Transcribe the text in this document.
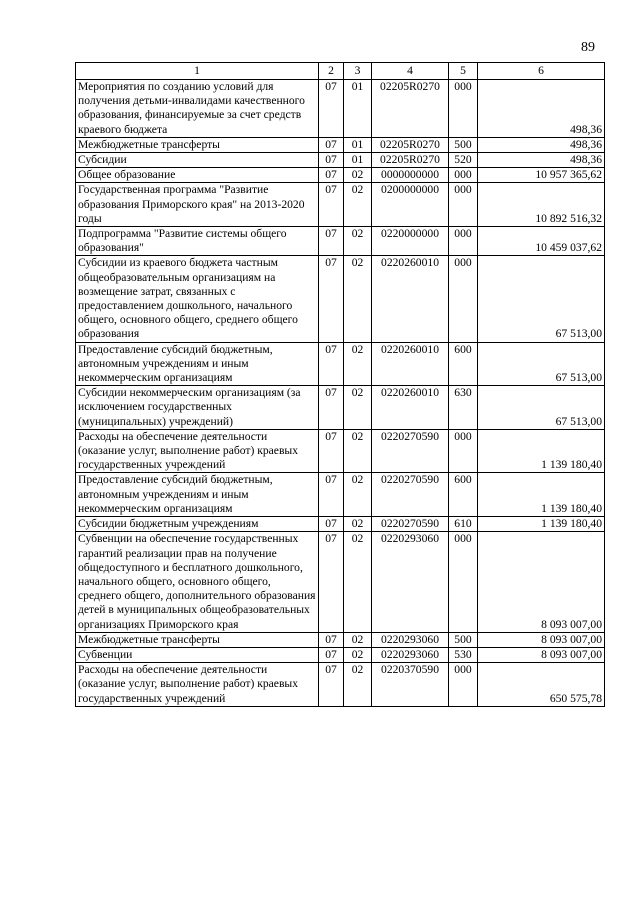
89
1	2	3	4	5	6
Мероприятия по созданию условий для получения детьми-инвалидами качественного образования, финансируемые за счет средств краевого бюджета	07	01	02205R0270	000	498,36
Межбюджетные трансферты	07	01	02205R0270	500	498,36
Субсидии	07	01	02205R0270	520	498,36
Общее образование	07	02	0000000000	000	10 957 365,62
Государственная программа "Развитие образования Приморского края" на 2013-2020 годы	07	02	0200000000	000	10 892 516,32
Подпрограмма "Развитие системы общего образования"	07	02	0220000000	000	10 459 037,62
Субсидии из краевого бюджета частным общеобразовательным организациям на возмещение затрат, связанных с предоставлением дошкольного, начального общего, основного общего, среднего общего образования	07	02	0220260010	000	67 513,00
Предоставление субсидий бюджетным, автономным учреждениям и иным некоммерческим организациям	07	02	0220260010	600	67 513,00
Субсидии некоммерческим организациям (за исключением государственных (муниципальных) учреждений)	07	02	0220260010	630	67 513,00
Расходы на обеспечение деятельности (оказание услуг, выполнение работ) краевых государственных учреждений	07	02	0220270590	000	1 139 180,40
Предоставление субсидий бюджетным, автономным учреждениям и иным некоммерческим организациям	07	02	0220270590	600	1 139 180,40
Субсидии бюджетным учреждениям	07	02	0220270590	610	1 139 180,40
Субвенции на обеспечение государственных гарантий реализации прав на получение общедоступного и бесплатного дошкольного, начального общего, основного общего, среднего общего, дополнительного образования детей в муниципальных общеобразовательных организациях Приморского края	07	02	0220293060	000	8 093 007,00
Межбюджетные трансферты	07	02	0220293060	500	8 093 007,00
Субвенции	07	02	0220293060	530	8 093 007,00
Расходы на обеспечение деятельности (оказание услуг, выполнение работ) краевых государственных учреждений	07	02	0220370590	000	650 575,78
